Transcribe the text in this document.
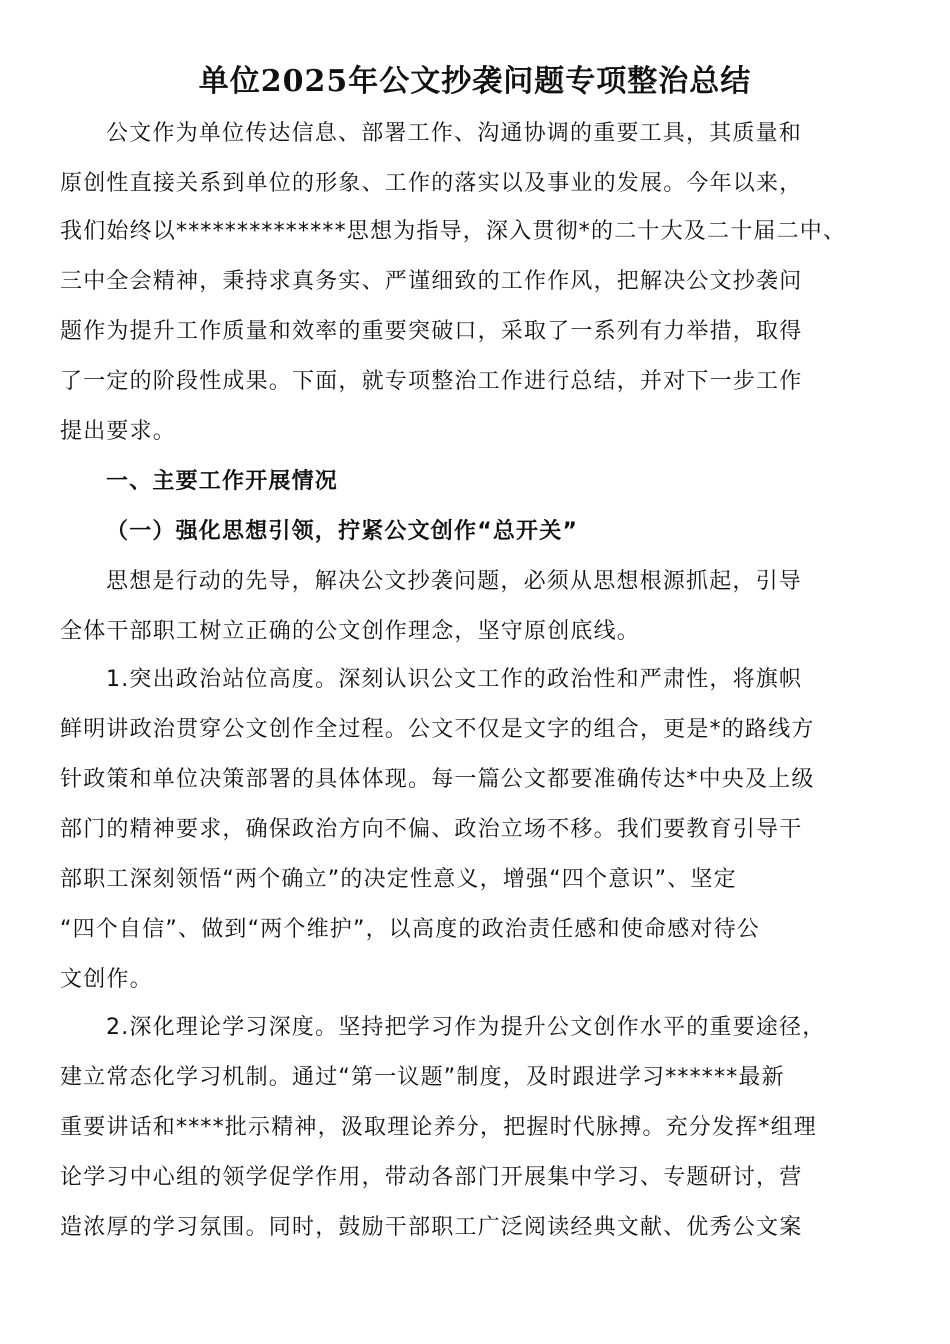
单位2025年公文抄袭问题专项整治总结
公文作为单位传达信息、部署工作、沟通协调的重要工具，其质量和
原创性直接关系到单位的形象、工作的落实以及事业的发展。今年以来，
我们始终以**************思想为指导，深入贯彻*的二十大及二十届二中、
三中全会精神，秉持求真务实、严谨细致的工作作风，把解决公文抄袭问
题作为提升工作质量和效率的重要突破口，采取了一系列有力举措，取得
了一定的阶段性成果。下面，就专项整治工作进行总结，并对下一步工作
提出要求。
一、主要工作开展情况
（一）强化思想引领，拧紧公文创作“总开关”
思想是行动的先导，解决公文抄袭问题，必须从思想根源抓起，引导
全体干部职工树立正确的公文创作理念，坚守原创底线。
1.突出政治站位高度。深刻认识公文工作的政治性和严肃性，将旗帜
鲜明讲政治贯穿公文创作全过程。公文不仅是文字的组合，更是*的路线方
针政策和单位决策部署的具体体现。每一篇公文都要准确传达*中央及上级
部门的精神要求，确保政治方向不偏、政治立场不移。我们要教育引导干
部职工深刻领悟“两个确立”的决定性意义，增强“四个意识”、坚定
“四个自信”、做到“两个维护”，以高度的政治责任感和使命感对待公
文创作。
2.深化理论学习深度。坚持把学习作为提升公文创作水平的重要途径，
建立常态化学习机制。通过“第一议题”制度，及时跟进学习******最新
重要讲话和****批示精神，汲取理论养分，把握时代脉搏。充分发挥*组理
论学习中心组的领学促学作用，带动各部门开展集中学习、专题研讨，营
造浓厚的学习氛围。同时，鼓励干部职工广泛阅读经典文献、优秀公文案
